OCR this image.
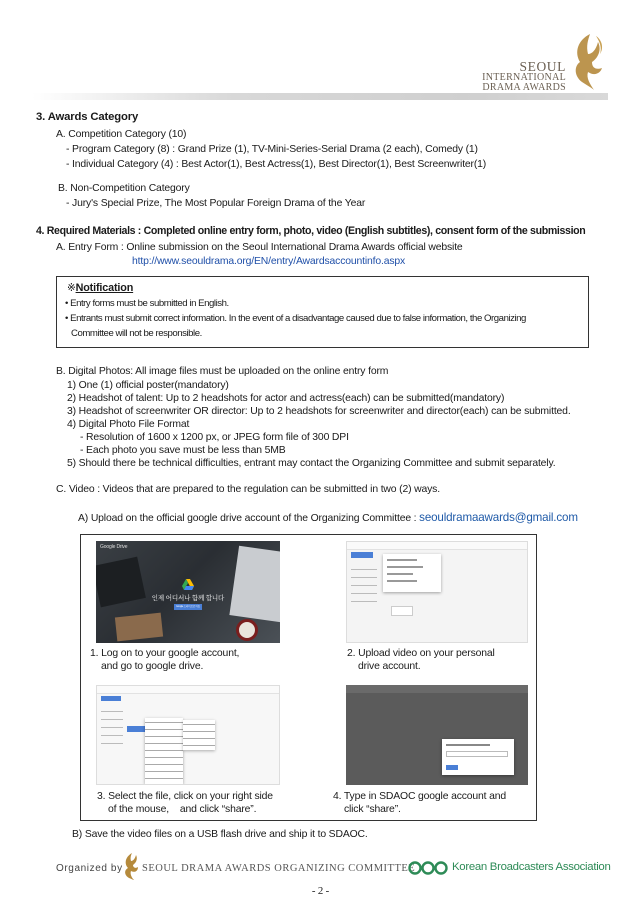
SEOUL
INTERNATIONAL
DRAMA AWARDS
3. Awards Category
A. Competition Category (10)
- Program Category (8) : Grand Prize (1), TV-Mini-Series-Serial Drama (2 each), Comedy (1)
- Individual Category (4) : Best Actor(1), Best Actress(1), Best Director(1), Best Screenwriter(1)
B. Non-Competition Category
- Jury's Special Prize, The Most Popular Foreign Drama of the Year
4. Required Materials : Completed online entry form, photo, video (English subtitles), consent form of the submission
A. Entry Form : Online submission on the Seoul International Drama Awards official website
http://www.seouldrama.org/EN/entry/Awardsaccountinfo.aspx
※Notification
• Entry forms must be submitted in English.
• Entrants must submit correct information. In the event of a disadvantage caused due to false information, the Organizing
Committee will not be responsible.
B. Digital Photos: All image files must be uploaded on the online entry form
1) One (1) official poster(mandatory)
2) Headshot of talent: Up to 2 headshots for actor and actress(each) can be submitted(mandatory)
3) Headshot of screenwriter OR director: Up to 2 headshots for screenwriter and director(each) can be submitted.
4) Digital Photo File Format
- Resolution of 1600 x 1200 px, or JPEG form file of 300 DPI
- Each photo you save must be less than 5MB
5) Should there be technical difficulties, entrant may contact the Organizing Committee and submit separately.
C. Video : Videos that are prepared to the regulation can be submitted in two (2) ways.
A) Upload on the official google drive account of the Organizing Committee : seouldramaawards@gmail.com
Google Drive
인제 어디서나 함께 합니다
Google 드라이브로 이동
1. Log on to your google account,
and go to google drive.
2. Upload video on your personal
drive account.
3. Select the file, click on your right side
of the mouse,    and click “share”.
4. Type in SDAOC google account and
click “share”.
B) Save the video files on a USB flash drive and ship it to SDAOC.
Organized by SEOUL DRAMA AWARDS ORGANIZING COMMITTEE	Korean Broadcasters Association
- 2 -
